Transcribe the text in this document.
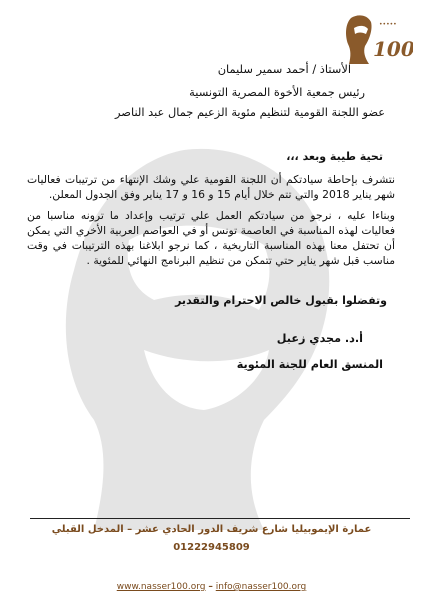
100
•••••
الأستاذ / أحمد سمير سليمان
رئيس جمعية الأخوة المصرية التونسية
عضو اللجنة القومية لتنظيم مئوية الزعيم جمال عبد الناصر
تحية طيبة وبعد ،،،
نتشرف بإحاطة سيادتكم أن اللجنة القومية علي وشك الإنتهاء من ترتيبات فعاليات شهر يناير 2018 والتي تتم خلال أيام 15 و 16 و 17 يناير وفق الجدول المعلن.
وبناءا عليه ، نرجو من سيادتكم العمل علي ترتيب وإعداد ما ترونه مناسبا من فعاليات لهذه المناسبة في العاصمة تونس أو في العواصم العربية الأخري التي يمكن أن تحتفل معنا بهذه المناسبة التاريخية ، كما نرجو ابلاغنا بهذه الترتيبات في وقت مناسب قبل شهر يناير حتي تتمكن من تنظيم البرنامج النهائي للمئوية .
وتفضلوا بقبول خالص الاحترام والتقدير
أ.د. مجدي زعبل
المنسق العام للجنة المئوية
عمارة الإيموبيليا شارع شريف الدور الحادي عشر – المدخل القبلي
01222945809
www.nasser100.org – info@nasser100.org
